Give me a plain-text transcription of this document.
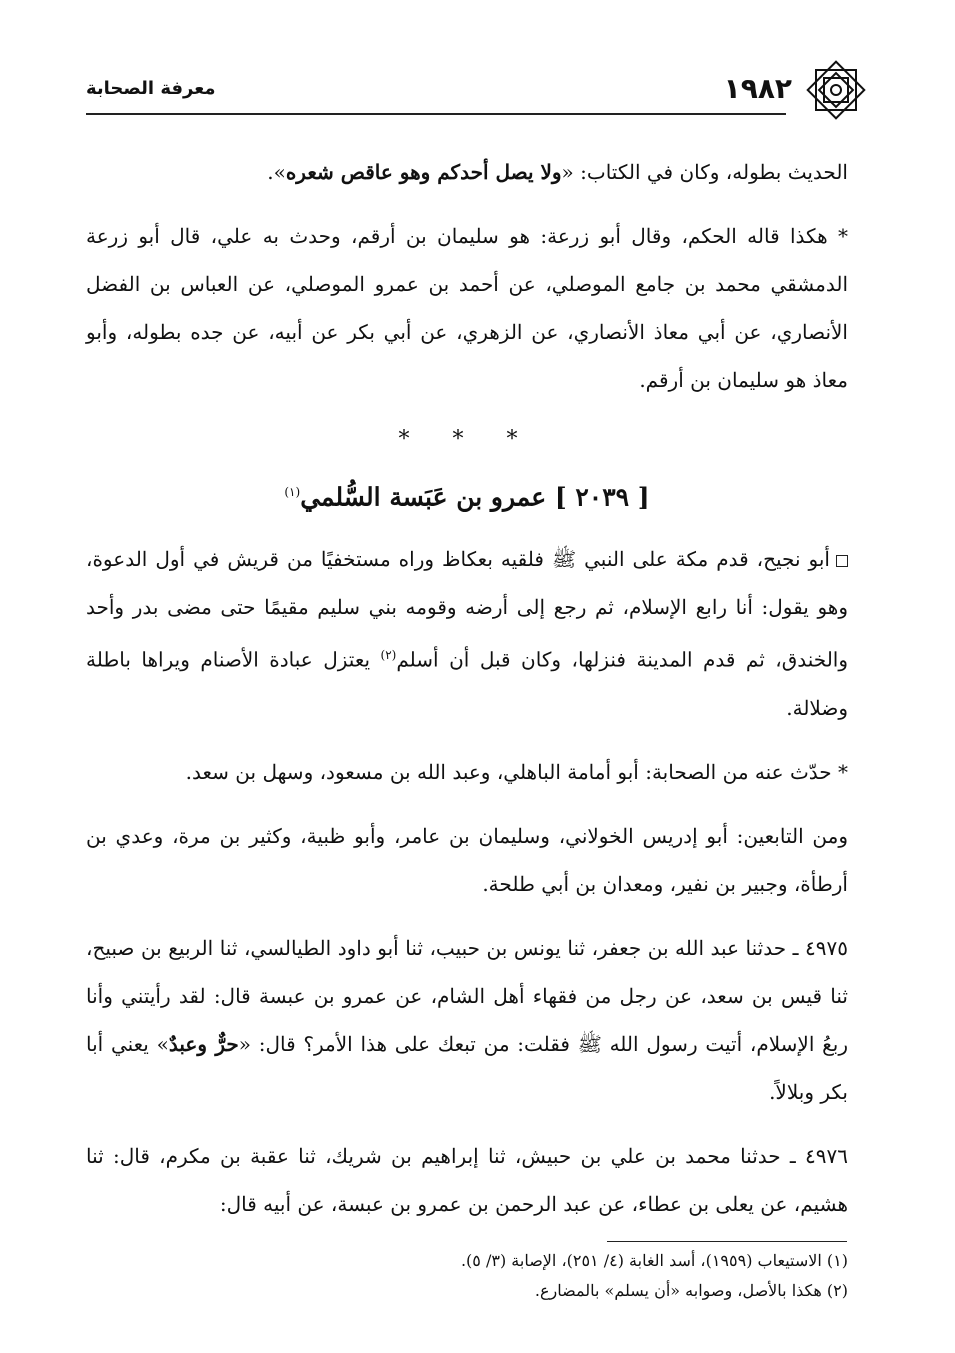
معرفة الصحابة	١٩٨٢

الحديث بطوله، وكان في الكتاب: «ولا يصل أحدكم وهو عاقص شعره».

* هكذا قاله الحكم، وقال أبو زرعة: هو سليمان بن أرقم، وحدث به علي، قال أبو زرعة الدمشقي محمد بن جامع الموصلي، عن أحمد بن عمرو الموصلي، عن العباس بن الفضل الأنصاري، عن أبي معاذ الأنصاري، عن الزهري، عن أبي بكر عن أبيه، عن جده بطوله، وأبو معاذ هو سليمان بن أرقم.

* * *
[ ٢٠٣٩ ] عمرو بن عَبَسة السُّلمي$^{(١)}$

أبو نجيح، قدم مكة على النبي ﷺ فلقيه بعكاظ وراه مستخفيًا من قريش في أول الدعوة، وهو يقول: أنا رابع الإسلام، ثم رجع إلى أرضه وقومه بني سليم مقيمًا حتى مضى بدر وأحد والخندق، ثم قدم المدينة فنزلها، وكان قبل أن أسلم$^{(٢)}$ يعتزل عبادة الأصنام ويراها باطلة وضلالة.

* حدّث عنه من الصحابة: أبو أمامة الباهلي، وعبد الله بن مسعود، وسهل بن سعد.

ومن التابعين: أبو إدريس الخولاني، وسليمان بن عامر، وأبو ظبية، وكثير بن مرة، وعدي بن أرطأة، وجبير بن نفير، ومعدان بن أبي طلحة.

٤٩٧٥ ـ حدثنا عبد الله بن جعفر، ثنا يونس بن حبيب، ثنا أبو داود الطيالسي، ثنا الربيع بن صبيح، ثنا قيس بن سعد، عن رجل من فقهاء أهل الشام، عن عمرو بن عبسة قال: لقد رأيتني وأنا ربعُ الإسلام، أتيت رسول الله ﷺ فقلت: من تبعك على هذا الأمر؟ قال: «حرٌّ وعبدٌ» يعني أبا بكر وبلالاً.

٤٩٧٦ ـ حدثنا محمد بن علي بن حبيش، ثنا إبراهيم بن شريك، ثنا عقبة بن مكرم، قال: ثنا هشيم، عن يعلى بن عطاء، عن عبد الرحمن بن عمرو بن عبسة، عن أبيه قال:

(١) الاستيعاب (١٩٥٩)، أسد الغابة (٤/ ٢٥١)، الإصابة (٣/ ٥).
(٢) هكذا بالأصل، وصوابه «أن يسلم» بالمضارع.
